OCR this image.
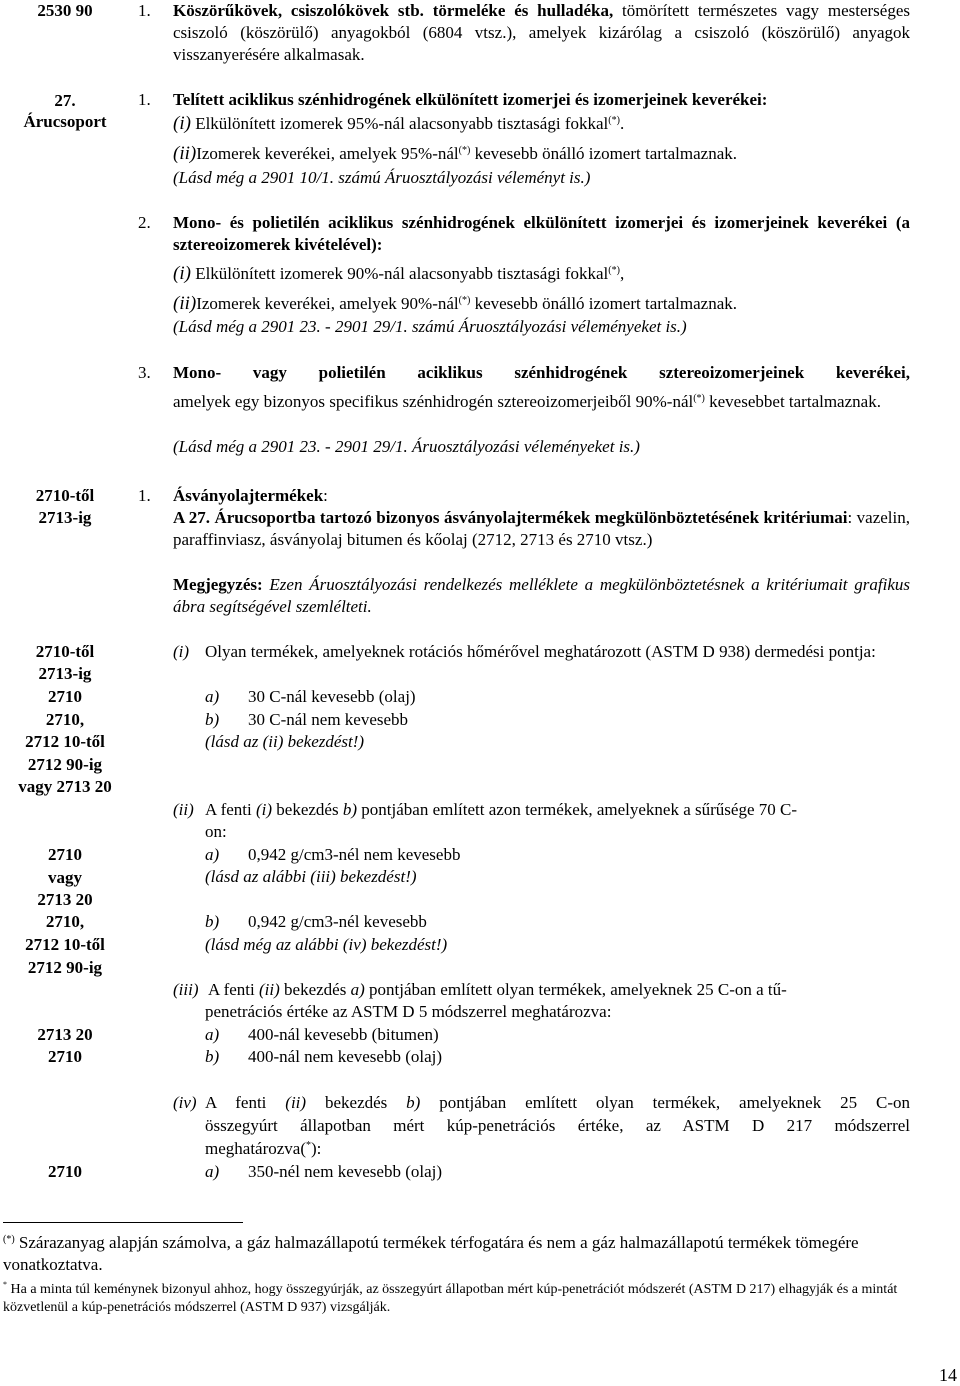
2530 90
27.
Árucsoport
2710-től
2713-ig
2710-től
2713-ig
2710
2710,
2712 10-től
2712 90-ig
vagy 2713 20
2710
vagy
2713 20
2710,
2712 10-től
2712 90-ig
2713 20
2710
2710
1. Köszörűkövek, csiszolókövek stb. törmeléke és hulladéka, tömörített természetes vagy mesterséges csiszoló (köszörülő) anyagokból (6804 vtsz.), amelyek kizárólag a csiszoló (köszörülő) anyagok visszanyerésére alkalmasak.
1. Telített aciklikus szénhidrogének elkülönített izomerjei és izomerjeinek keverékei:
(i) Elkülönített izomerek 95%-nál alacsonyabb tisztasági fokkal(*).
(ii)Izomerek keverékei, amelyek 95%-nál(*) kevesebb önálló izomert tartalmaznak.
(Lásd még a 2901 10/1. számú Áruosztályozási véleményt is.)
2. Mono- és polietilén aciklikus szénhidrogének elkülönített izomerjei és izomerjeinek keverékei (a sztereoizomerek kivételével):
(i) Elkülönített izomerek 90%-nál alacsonyabb tisztasági fokkal(*),
(ii)Izomerek keverékei, amelyek 90%-nál(*) kevesebb önálló izomert tartalmaznak.
(Lásd még a 2901 23. - 2901 29/1. számú Áruosztályozási véleményeket is.)
3. Mono- vagy polietilén aciklikus szénhidrogének sztereoizomerjeinek keverékei,
amelyek egy bizonyos specifikus szénhidrogén sztereoizomerjeiből 90%-nál(*) kevesebbet tartalmaznak.
(Lásd még a 2901 23. - 2901 29/1. Áruosztályozási véleményeket is.)
1. Ásványolajtermékek:
A 27. Árucsoportba tartozó bizonyos ásványolajtermékek megkülönböztetésének kritériumai: vazelin, paraffinviasz, ásványolaj bitumen és kőolaj (2712, 2713 és 2710 vtsz.)
Megjegyzés: Ezen Áruosztályozási rendelkezés melléklete a megkülönböztetésnek a kritériumait grafikus ábra segítségével szemlélteti.
(i) Olyan termékek, amelyeknek rotációs hőmérővel meghatározott (ASTM D 938) dermedési pontja:
a) 30 C-nál kevesebb (olaj)
b) 30 C-nál nem kevesebb
(lásd az (ii) bekezdést!)
(ii) A fenti (i) bekezdés b) pontjában említett azon termékek, amelyeknek a sűrűsége 70 C-
on:
a) 0,942 g/cm3-nél nem kevesebb
(lásd az alábbi (iii) bekezdést!)
b) 0,942 g/cm3-nél kevesebb
(lásd még az alábbi (iv) bekezdést!)
(iii) A fenti (ii) bekezdés a) pontjában említett olyan termékek, amelyeknek 25 C-on a tű-
penetrációs értéke az ASTM D 5 módszerrel meghatározva:
a) 400-nál kevesebb (bitumen)
b) 400-nál nem kevesebb (olaj)
(iv) A fenti (ii) bekezdés b) pontjában említett olyan termékek, amelyeknek 25 C-on
összegyúrt állapotban mért kúp-penetrációs értéke, az ASTM D 217 módszerrel
meghatározva(*):
a) 350-nél nem kevesebb (olaj)
(*) Szárazanyag alapján számolva, a gáz halmazállapotú termékek térfogatára és nem a gáz halmazállapotú termékek tömegére vonatkoztatva.
* Ha a minta túl keménynek bizonyul ahhoz, hogy összegyúrják, az összegyúrt állapotban mért kúp-penetrációt módszerét (ASTM D 217) elhagyják és a mintát közvetlenül a kúp-penetrációs módszerrel (ASTM D 937) vizsgálják.
14
